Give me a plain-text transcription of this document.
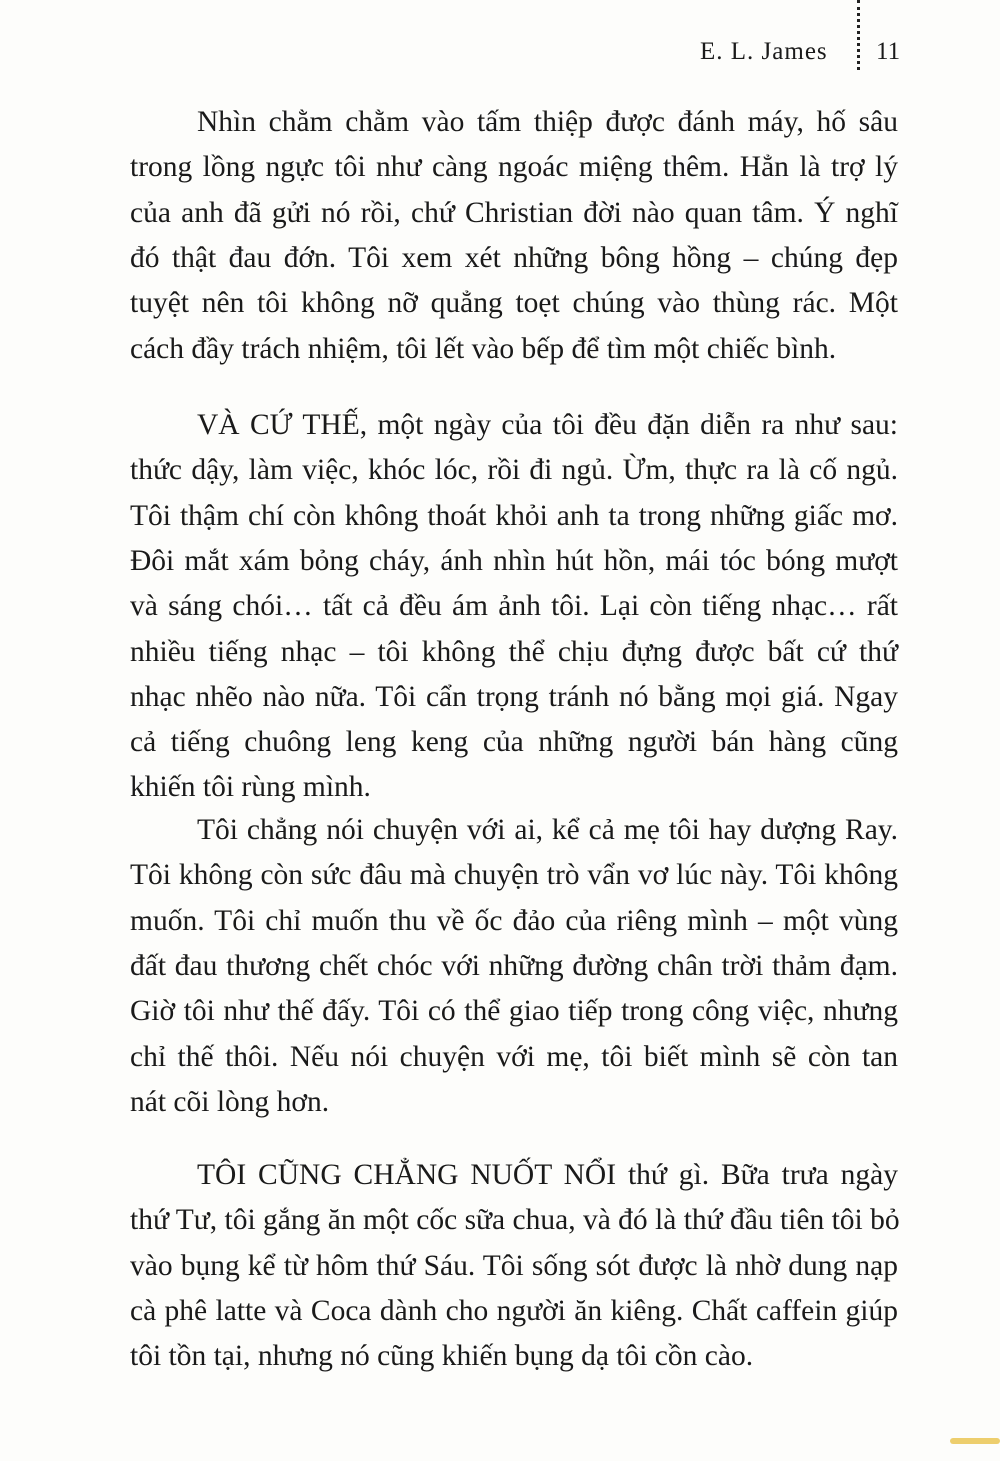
E. L. James 11
Nhìn chằm chằm vào tấm thiệp được đánh máy, hố sâu
trong lồng ngực tôi như càng ngoác miệng thêm. Hẳn là trợ lý
của anh đã gửi nó rồi, chứ Christian đời nào quan tâm. Ý nghĩ
đó thật đau đớn. Tôi xem xét những bông hồng – chúng đẹp
tuyệt nên tôi không nỡ quẳng toẹt chúng vào thùng rác. Một
cách đầy trách nhiệm, tôi lết vào bếp để tìm một chiếc bình.
VÀ CỨ THẾ, một ngày của tôi đều đặn diễn ra như sau:
thức dậy, làm việc, khóc lóc, rồi đi ngủ. Ừm, thực ra là cố ngủ.
Tôi thậm chí còn không thoát khỏi anh ta trong những giấc mơ.
Đôi mắt xám bỏng cháy, ánh nhìn hút hồn, mái tóc bóng mượt
và sáng chói… tất cả đều ám ảnh tôi. Lại còn tiếng nhạc… rất
nhiều tiếng nhạc – tôi không thể chịu đựng được bất cứ thứ
nhạc nhẽo nào nữa. Tôi cẩn trọng tránh nó bằng mọi giá. Ngay
cả tiếng chuông leng keng của những người bán hàng cũng
khiến tôi rùng mình.
Tôi chẳng nói chuyện với ai, kể cả mẹ tôi hay dượng Ray.
Tôi không còn sức đâu mà chuyện trò vẩn vơ lúc này. Tôi không
muốn. Tôi chỉ muốn thu về ốc đảo của riêng mình – một vùng
đất đau thương chết chóc với những đường chân trời thảm đạm.
Giờ tôi như thế đấy. Tôi có thể giao tiếp trong công việc, nhưng
chỉ thế thôi. Nếu nói chuyện với mẹ, tôi biết mình sẽ còn tan
nát cõi lòng hơn.
TÔI CŨNG CHẲNG NUỐT NỔI thứ gì. Bữa trưa ngày
thứ Tư, tôi gắng ăn một cốc sữa chua, và đó là thứ đầu tiên tôi bỏ
vào bụng kể từ hôm thứ Sáu. Tôi sống sót được là nhờ dung nạp
cà phê latte và Coca dành cho người ăn kiêng. Chất caffein giúp
tôi tồn tại, nhưng nó cũng khiến bụng dạ tôi cồn cào.
